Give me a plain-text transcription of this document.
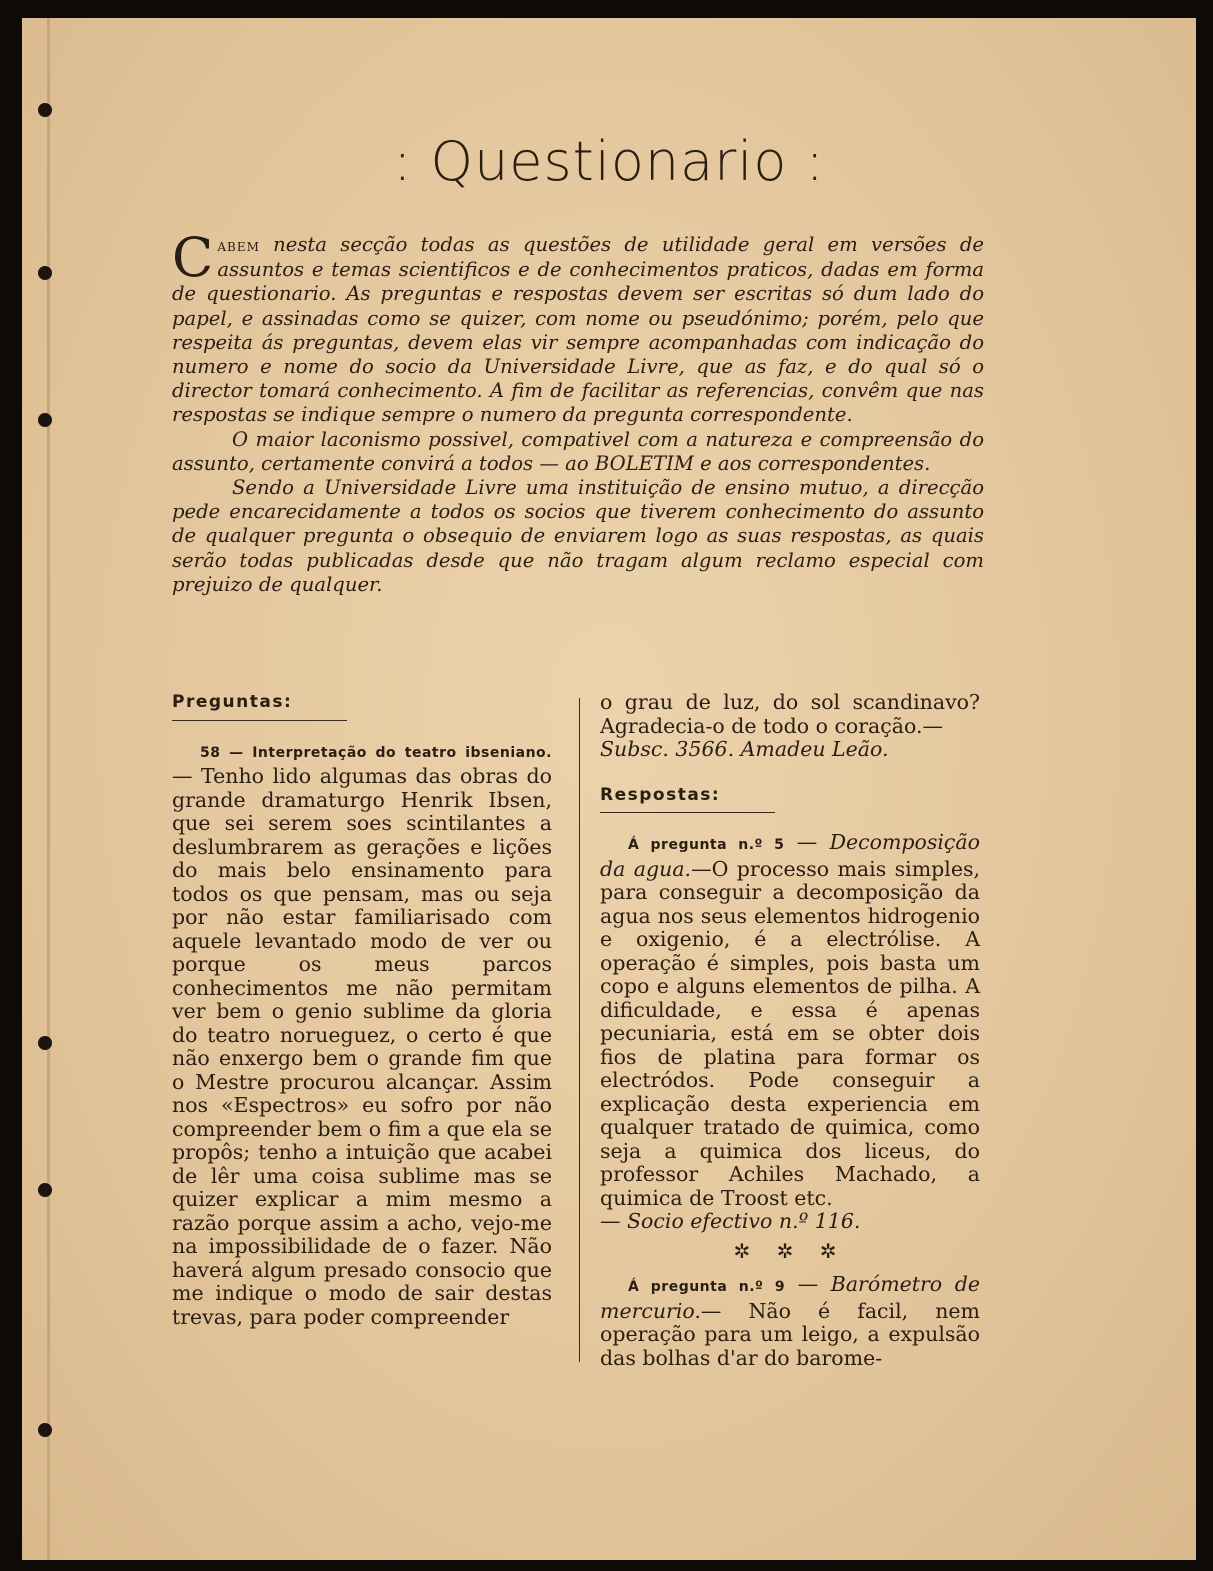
: Questionario :

Cabem nesta secção todas as questões de utilidade geral em versões de assuntos e temas scientificos e de conhecimentos praticos, dadas em forma de questionario. As preguntas e respostas devem ser escritas só dum lado do papel, e assinadas como se quizer, com nome ou pseudónimo; porém, pelo que respeita ás preguntas, devem elas vir sempre acompanhadas com indicação do numero e nome do socio da Universidade Livre, que as faz, e do qual só o director tomará conhecimento. A fim de facilitar as referencias, convêm que nas respostas se indique sempre o numero da pregunta correspondente.

O maior laconismo possivel, compativel com a natureza e compreensão do assunto, certamente convirá a todos — ao BOLETIM e aos correspondentes.

Sendo a Universidade Livre uma instituição de ensino mutuo, a direcção pede encarecidamente a todos os socios que tiverem conhecimento do assunto de qualquer pregunta o obsequio de enviarem logo as suas respostas, as quais serão todas publicadas desde que não tragam algum reclamo especial com prejuizo de qualquer.

Preguntas:

58 — Interpretação do teatro ibseniano. — Tenho lido algumas das obras do grande dramaturgo Henrik Ibsen, que sei serem soes scintilantes a deslumbrarem as gerações e lições do mais belo ensinamento para todos os que pensam, mas ou seja por não estar familiarisado com aquele levantado modo de ver ou porque os meus parcos conhecimentos me não permitam ver bem o genio sublime da gloria do teatro norueguez, o certo é que não enxergo bem o grande fim que o Mestre procurou alcançar. Assim nos «Espectros» eu sofro por não compreender bem o fim a que ela se propôs; tenho a intuição que acabei de lêr uma coisa sublime mas se quizer explicar a mim mesmo a razão porque assim a acho, vejo-me na impossibilidade de o fazer. Não haverá algum presado consocio que me indique o modo de sair destas trevas, para poder compreender

o grau de luz, do sol scandinavo? Agradecia-o de todo o coração.—
Subsc. 3566. Amadeu Leão.

Respostas:

Á pregunta n.º 5 — Decomposição da agua.—O processo mais simples, para conseguir a decomposição da agua nos seus elementos hidrogenio e oxigenio, é a electrólise. A operação é simples, pois basta um copo e alguns elementos de pilha. A dificuldade, e essa é apenas pecuniaria, está em se obter dois fios de platina para formar os electródos. Pode conseguir a explicação desta experiencia em qualquer tratado de quimica, como seja a quimica dos liceus, do professor Achiles Machado, a quimica de Troost etc.
— Socio efectivo n.º 116.

✲ ✲ ✲

Á pregunta n.º 9 — Barómetro de mercurio.— Não é facil, nem operação para um leigo, a expulsão das bolhas d'ar do barome-
